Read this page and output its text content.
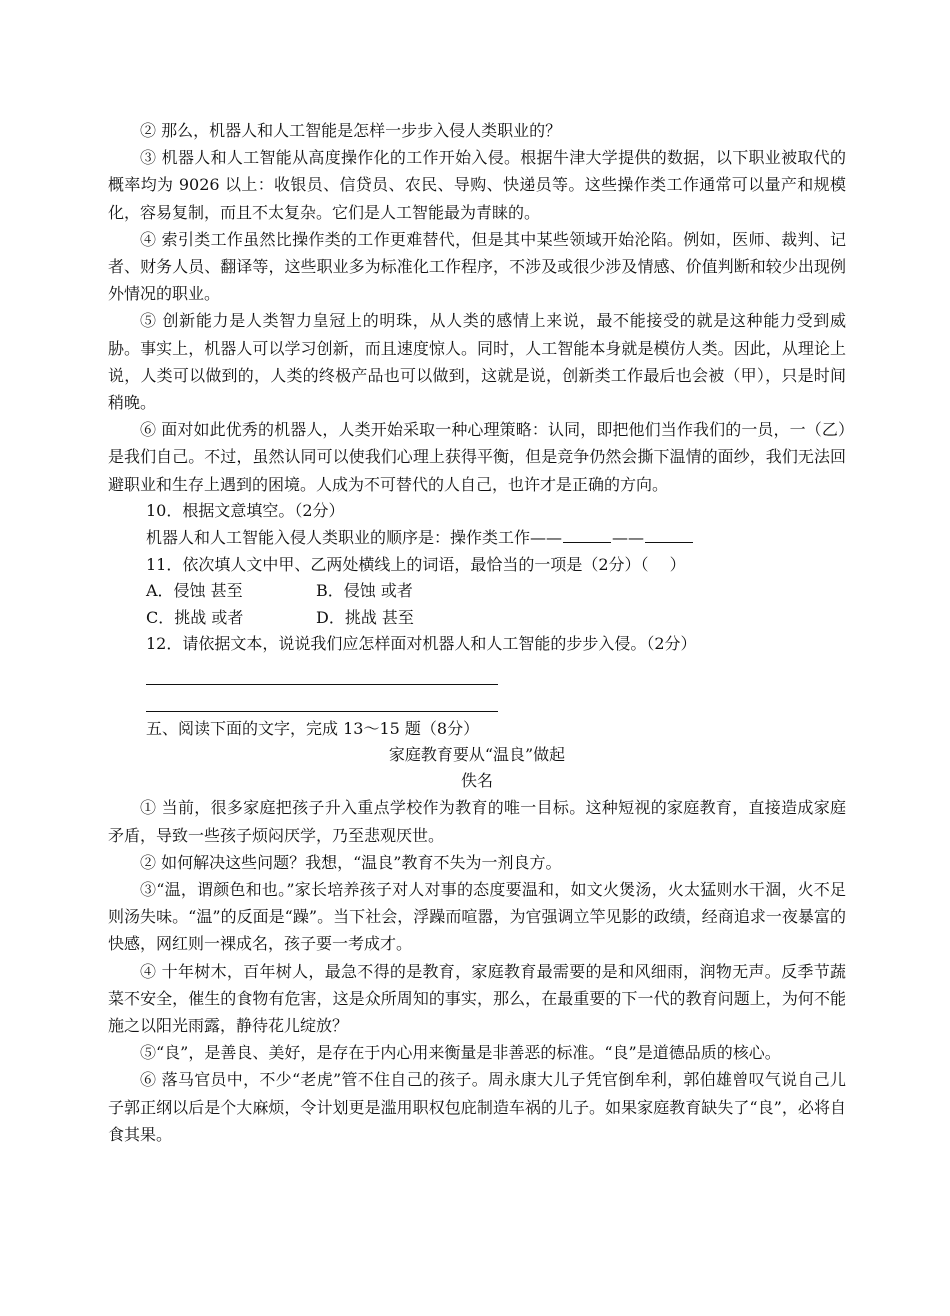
② 那么，机器人和人工智能是怎样一步步入侵人类职业的？

③ 机器人和人工智能从高度操作化的工作开始入侵。根据牛津大学提供的数据，以下职业被取代的概率均为 9026 以上：收银员、信贷员、农民、导购、快递员等。这些操作类工作通常可以量产和规模化，容易复制，而且不太复杂。它们是人工智能最为青睐的。

④ 索引类工作虽然比操作类的工作更难替代，但是其中某些领域开始沦陷。例如，医师、裁判、记者、财务人员、翻译等，这些职业多为标准化工作程序，不涉及或很少涉及情感、价值判断和较少出现例外情况的职业。

⑤ 创新能力是人类智力皇冠上的明珠，从人类的感情上来说，最不能接受的就是这种能力受到威胁。事实上，机器人可以学习创新，而且速度惊人。同时，人工智能本身就是模仿人类。因此，从理论上说，人类可以做到的，人类的终极产品也可以做到，这就是说，创新类工作最后也会被（甲），只是时间稍晚。

⑥ 面对如此优秀的机器人，人类开始采取一种心理策略：认同，即把他们当作我们的一员，一（乙）是我们自己。不过，虽然认同可以使我们心理上获得平衡，但是竞争仍然会撕下温情的面纱，我们无法回避职业和生存上遇到的困境。人成为不可替代的人自己，也许才是正确的方向。

10．根据文意填空。（2分）

机器人和人工智能入侵人类职业的顺序是：操作类工作——	——

11．依次填人文中甲、乙两处横线上的词语，最恰当的一项是（2分）（　 ）

A．侵蚀 甚至	B．侵蚀 或者
C．挑战 或者	D．挑战 甚至

12．请依据文本，说说我们应怎样面对机器人和人工智能的步步入侵。（2分）

五、阅读下面的文字，完成 13～15 题（8分）

家庭教育要从“温良”做起

佚名

① 当前，很多家庭把孩子升入重点学校作为教育的唯一目标。这种短视的家庭教育，直接造成家庭矛盾，导致一些孩子烦闷厌学，乃至悲观厌世。

② 如何解决这些问题？我想，“温良”教育不失为一剂良方。

③“温，谓颜色和也。”家长培养孩子对人对事的态度要温和，如文火煲汤，火太猛则水干涸，火不足则汤失味。“温”的反面是“躁”。当下社会，浮躁而喧嚣，为官强调立竿见影的政绩，经商追求一夜暴富的快感，网红则一裸成名，孩子要一考成才。

④ 十年树木，百年树人，最急不得的是教育，家庭教育最需要的是和风细雨，润物无声。反季节蔬菜不安全，催生的食物有危害，这是众所周知的事实，那么，在最重要的下一代的教育问题上，为何不能施之以阳光雨露，静待花儿绽放？

⑤“良”，是善良、美好，是存在于内心用来衡量是非善恶的标准。“良”是道德品质的核心。

⑥ 落马官员中，不少“老虎”管不住自己的孩子。周永康大儿子凭官倒牟利，郭伯雄曾叹气说自己儿子郭正纲以后是个大麻烦，令计划更是滥用职权包庇制造车祸的儿子。如果家庭教育缺失了“良”，必将自食其果。
